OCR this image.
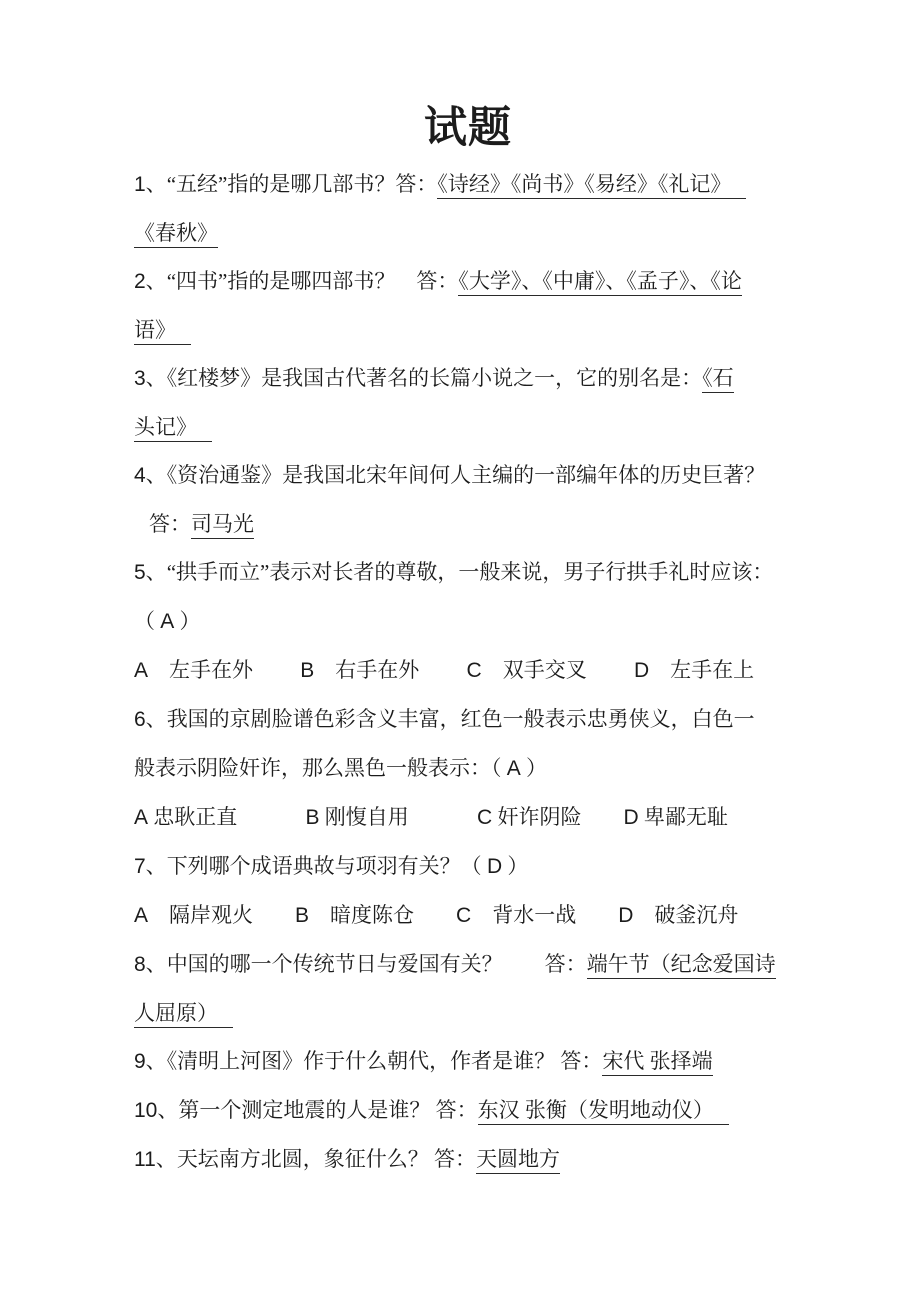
试题
1、“五经”指的是哪几部书？答：《诗经》《尚书》《易经》《礼记》
《春秋》
2、“四书”指的是哪四部书？　答：《大学》、《中庸》、《孟子》、《论
语》
3、《红楼梦》是我国古代著名的长篇小说之一，它的别名是：《石
头记》
4、《资治通鉴》是我国北宋年间何人主编的一部编年体的历史巨著？
答：司马光
5、“拱手而立”表示对长者的尊敬，一般来说，男子行拱手礼时应该：
（ A ）
A　左手在外　 　B　右手在外　 　C　双手交叉　 　D　左手在上
6、我国的京剧脸谱色彩含义丰富，红色一般表示忠勇侠义，白色一
般表示阴险奸诈，那么黑色一般表示：（ A ）
A 忠耿正直　　 　B 刚愎自用　　 　C 奸诈阴险　　D 卑鄙无耻
7、下列哪个成语典故与项羽有关？（ D ）
A　隔岸观火　　B　暗度陈仓　　C　背水一战　　D　破釜沉舟
8、中国的哪一个传统节日与爱国有关？　　答：端午节（纪念爱国诗
人屈原）
9、《清明上河图》作于什么朝代，作者是谁？ 答：宋代 张择端
10、第一个测定地震的人是谁？ 答：东汉 张衡（发明地动仪）
11、天坛南方北圆，象征什么？ 答：天圆地方
